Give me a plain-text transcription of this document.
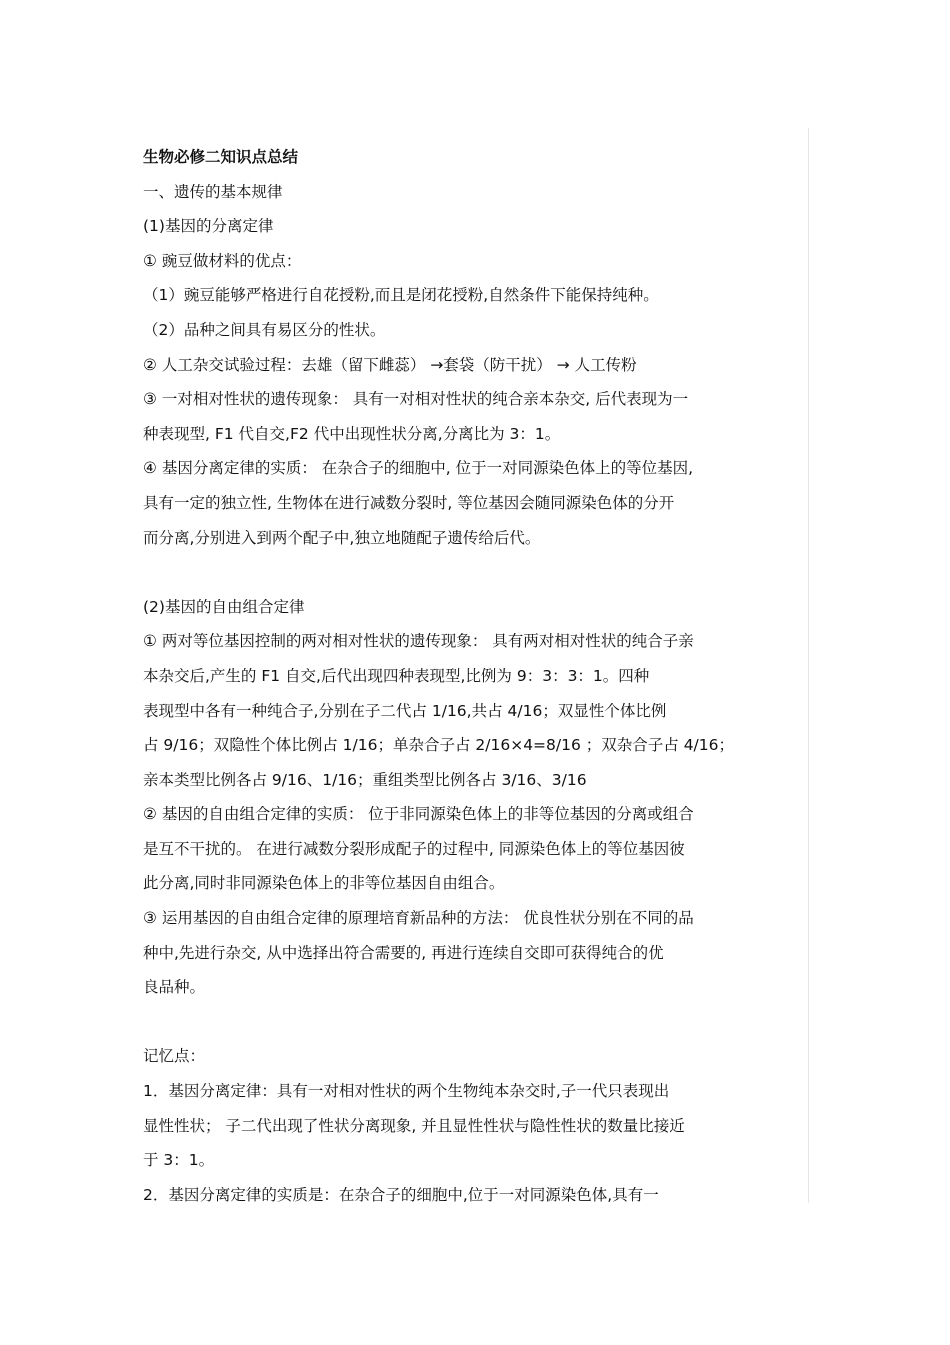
生物必修二知识点总结
一、遗传的基本规律
(1)基因的分离定律
① 豌豆做材料的优点：
（1）豌豆能够严格进行自花授粉,而且是闭花授粉,自然条件下能保持纯种。
（2）品种之间具有易区分的性状。
② 人工杂交试验过程：去雄（留下雌蕊） →套袋（防干扰） → 人工传粉
③ 一对相对性状的遗传现象： 具有一对相对性状的纯合亲本杂交, 后代表现为一
种表现型, F1 代自交,F2 代中出现性状分离,分离比为 3：1。
④ 基因分离定律的实质： 在杂合子的细胞中, 位于一对同源染色体上的等位基因,
具有一定的独立性, 生物体在进行减数分裂时, 等位基因会随同源染色体的分开
而分离,分别进入到两个配子中,独立地随配子遗传给后代。
(2)基因的自由组合定律
① 两对等位基因控制的两对相对性状的遗传现象： 具有两对相对性状的纯合子亲
本杂交后,产生的 F1 自交,后代出现四种表现型,比例为 9：3：3：1。四种
表现型中各有一种纯合子,分别在子二代占 1/16,共占 4/16；双显性个体比例
占 9/16；双隐性个体比例占 1/16；单杂合子占 2/16×4=8/16 ；双杂合子占 4/16；
亲本类型比例各占 9/16、1/16；重组类型比例各占 3/16、3/16
② 基因的自由组合定律的实质： 位于非同源染色体上的非等位基因的分离或组合
是互不干扰的。 在进行减数分裂形成配子的过程中, 同源染色体上的等位基因彼
此分离,同时非同源染色体上的非等位基因自由组合。
③ 运用基因的自由组合定律的原理培育新品种的方法： 优良性状分别在不同的品
种中,先进行杂交, 从中选择出符合需要的, 再进行连续自交即可获得纯合的优
良品种。
记忆点：
1．基因分离定律：具有一对相对性状的两个生物纯本杂交时,子一代只表现出
显性性状； 子二代出现了性状分离现象, 并且显性性状与隐性性状的数量比接近
于 3：1。
2．基因分离定律的实质是：在杂合子的细胞中,位于一对同源染色体,具有一
